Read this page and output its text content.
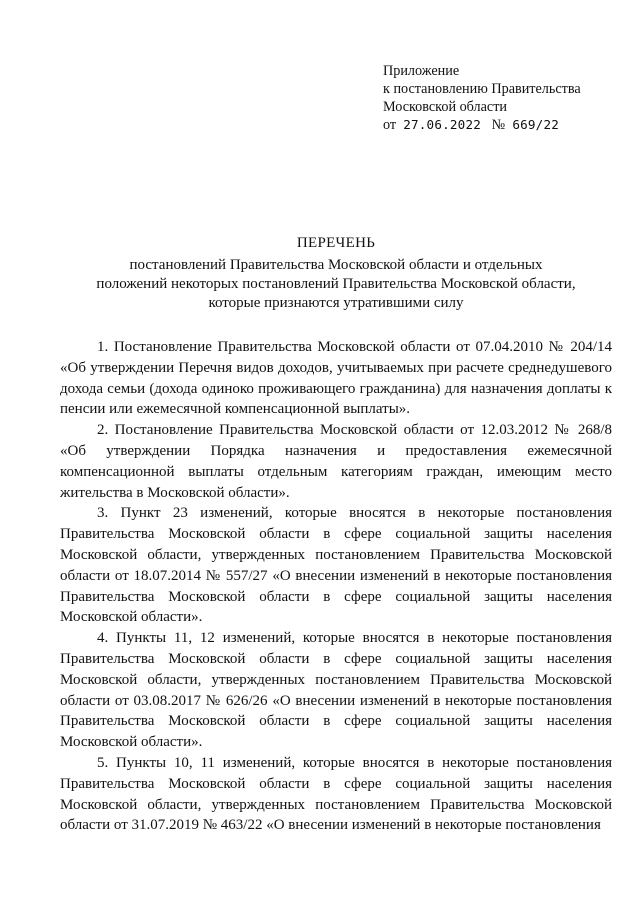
Приложение
к постановлению Правительства
Московской области
от 27.06.2022 № 669/22
ПЕРЕЧЕНЬ
постановлений Правительства Московской области и отдельных
положений некоторых постановлений Правительства Московской области,
которые признаются утратившими силу

1. Постановление Правительства Московской области от 07.04.2010 № 204/14 «Об утверждении Перечня видов доходов, учитываемых при расчете среднедушевого дохода семьи (дохода одиноко проживающего гражданина) для назначения доплаты к пенсии или ежемесячной компенсационной выплаты».

2. Постановление Правительства Московской области от 12.03.2012 № 268/8 «Об утверждении Порядка назначения и предоставления ежемесячной компенсационной выплаты отдельным категориям граждан, имеющим место жительства в Московской области».

3. Пункт 23 изменений, которые вносятся в некоторые постановления Правительства Московской области в сфере социальной защиты населения Московской области, утвержденных постановлением Правительства Московской области от 18.07.2014 № 557/27 «О внесении изменений в некоторые постановления Правительства Московской области в сфере социальной защиты населения Московской области».

4. Пункты 11, 12 изменений, которые вносятся в некоторые постановления Правительства Московской области в сфере социальной защиты населения Московской области, утвержденных постановлением Правительства Московской области от 03.08.2017 № 626/26 «О внесении изменений в некоторые постановления Правительства Московской области в сфере социальной защиты населения Московской области».

5. Пункты 10, 11 изменений, которые вносятся в некоторые постановления Правительства Московской области в сфере социальной защиты населения Московской области, утвержденных постановлением Правительства Московской области от 31.07.2019 № 463/22 «О внесении изменений в некоторые постановления
